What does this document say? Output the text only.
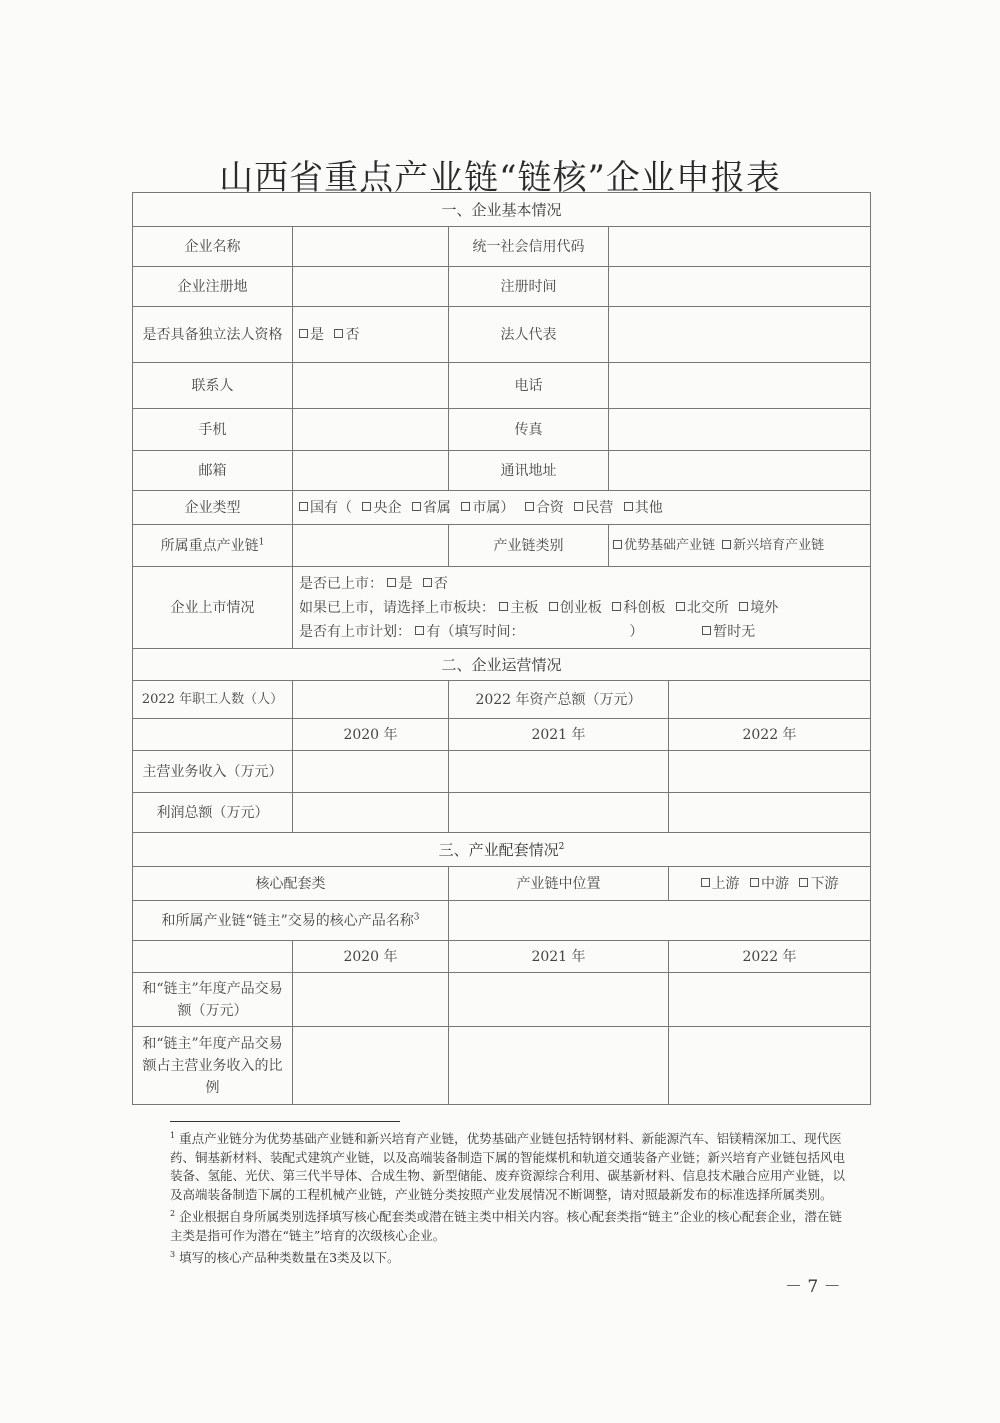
山西省重点产业链“链核”企业申报表
一、企业基本情况				
企业名称		统一社会信用代码		
企业注册地		注册时间		
是否具备独立法人资格	是 否	法人代表		
联系人		电话		
手机		传真		
邮箱		通讯地址		
企业类型	国有（ 央企 省属 市属） 合资 民营 其他			
所属重点产业链$^1$		产业链类别	优势基础产业链 新兴培育产业链	
企业上市情况	是否已上市： 是 否
如果已上市，请选择上市板块： 主板 创业板 科创板 北交所 境外
是否有上市计划： 有（填写时间： ） 暂时无			

二、企业运营情况				
2022 年职工人数（人）		2022 年资产总额（万元）		
	2020 年	2021 年		2022 年
主营业务收入（万元）				
利润总额（万元）				
三、产业配套情况$^2$
核心配套类		产业链中位置		上游 中游 下游
和所属产业链“链主”交易的核心产品名称$^3$	
	2020 年	2021 年		2022 年
和“链主”年度产品交易额（万元）				
和“链主”年度产品交易额占主营业务收入的比例				
$^1$ 重点产业链分为优势基础产业链和新兴培育产业链，优势基础产业链包括特钢材料、新能源汽车、铝镁精深加工、现代医药、铜基新材料、装配式建筑产业链，以及高端装备制造下属的智能煤机和轨道交通装备产业链；新兴培育产业链包括风电装备、氢能、光伏、第三代半导体、合成生物、新型储能、废弃资源综合利用、碳基新材料、信息技术融合应用产业链，以及高端装备制造下属的工程机械产业链，产业链分类按照产业发展情况不断调整，请对照最新发布的标准选择所属类别。
$^2$ 企业根据自身所属类别选择填写核心配套类或潜在链主类中相关内容。核心配套类指“链主”企业的核心配套企业，潜在链主类是指可作为潜在“链主”培育的次级核心企业。
$^3$ 填写的核心产品种类数量在3类及以下。
－ 7 －
